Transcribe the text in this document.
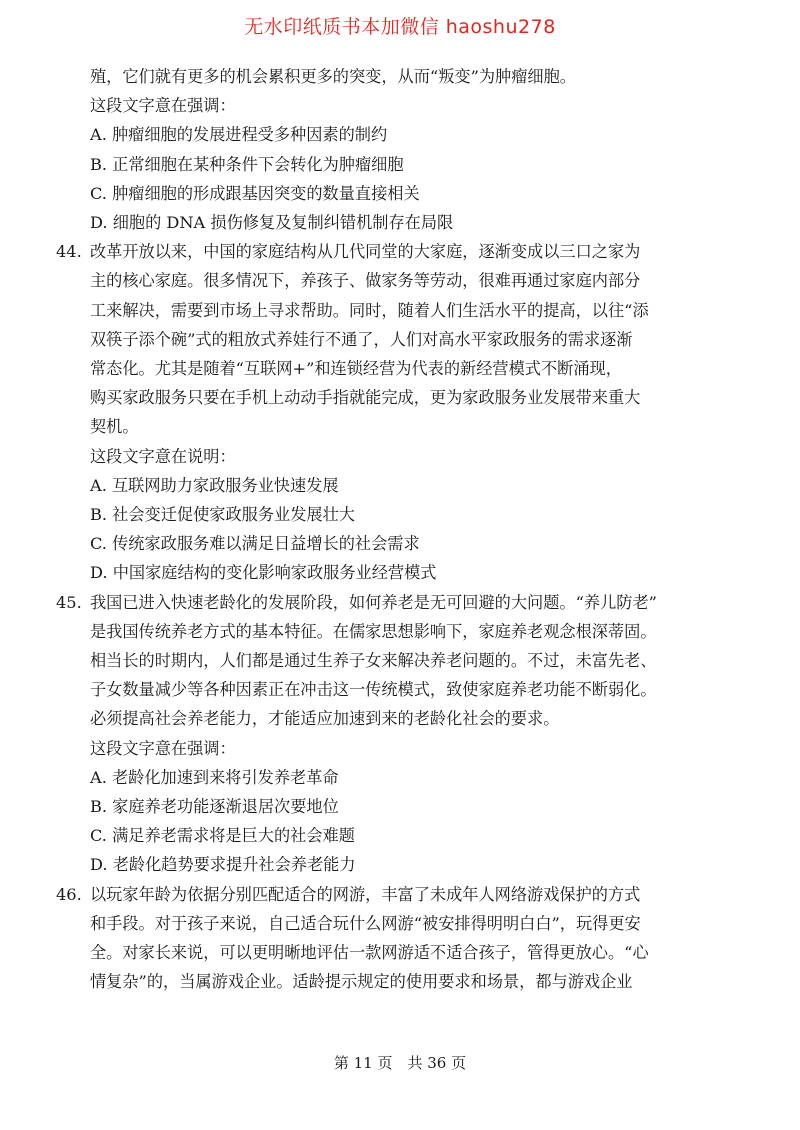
无水印纸质书本加微信 haoshu278
殖，它们就有更多的机会累积更多的突变，从而“叛变”为肿瘤细胞。
这段文字意在强调：
A. 肿瘤细胞的发展进程受多种因素的制约
B. 正常细胞在某种条件下会转化为肿瘤细胞
C. 肿瘤细胞的形成跟基因突变的数量直接相关
D. 细胞的 DNA 损伤修复及复制纠错机制存在局限
44. 改革开放以来，中国的家庭结构从几代同堂的大家庭，逐渐变成以三口之家为
主的核心家庭。很多情况下，养孩子、做家务等劳动，很难再通过家庭内部分
工来解决，需要到市场上寻求帮助。同时，随着人们生活水平的提高，以往“添
双筷子添个碗”式的粗放式养娃行不通了，人们对高水平家政服务的需求逐渐
常态化。尤其是随着“互联网+”和连锁经营为代表的新经营模式不断涌现，
购买家政服务只要在手机上动动手指就能完成，更为家政服务业发展带来重大
契机。
这段文字意在说明：
A. 互联网助力家政服务业快速发展
B. 社会变迁促使家政服务业发展壮大
C. 传统家政服务难以满足日益增长的社会需求
D. 中国家庭结构的变化影响家政服务业经营模式
45. 我国已进入快速老龄化的发展阶段，如何养老是无可回避的大问题。“养儿防老”
是我国传统养老方式的基本特征。在儒家思想影响下，家庭养老观念根深蒂固。
相当长的时期内，人们都是通过生养子女来解决养老问题的。不过，未富先老、
子女数量减少等各种因素正在冲击这一传统模式，致使家庭养老功能不断弱化。
必须提高社会养老能力，才能适应加速到来的老龄化社会的要求。
这段文字意在强调：
A. 老龄化加速到来将引发养老革命
B. 家庭养老功能逐渐退居次要地位
C. 满足养老需求将是巨大的社会难题
D. 老龄化趋势要求提升社会养老能力
46. 以玩家年龄为依据分别匹配适合的网游，丰富了未成年人网络游戏保护的方式
和手段。对于孩子来说，自己适合玩什么网游“被安排得明明白白”，玩得更安
全。对家长来说，可以更明晰地评估一款网游适不适合孩子，管得更放心。“心
情复杂”的，当属游戏企业。适龄提示规定的使用要求和场景，都与游戏企业
第 11 页　共 36 页
